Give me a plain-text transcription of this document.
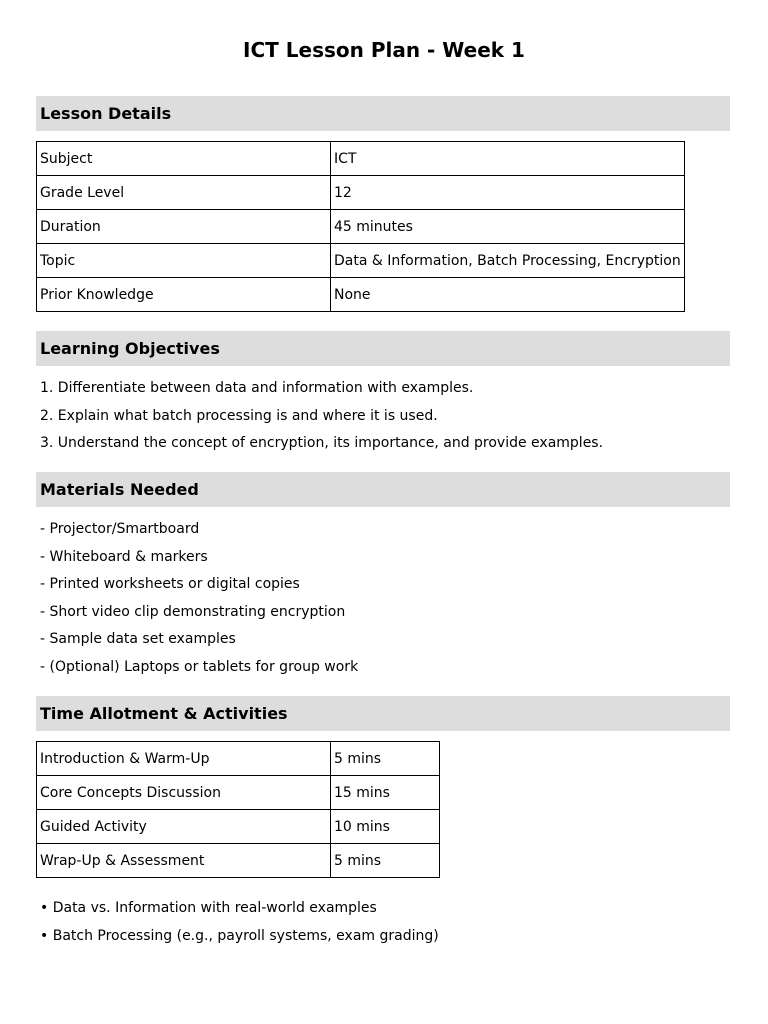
ICT Lesson Plan - Week 1
Lesson Details
Subject	ICT
Grade Level	12
Duration	45 minutes
Topic	Data & Information, Batch Processing, Encryption
Prior Knowledge	None
Learning Objectives
1. Differentiate between data and information with examples.
2. Explain what batch processing is and where it is used.
3. Understand the concept of encryption, its importance, and provide examples.
Materials Needed
- Projector/Smartboard
- Whiteboard & markers
- Printed worksheets or digital copies
- Short video clip demonstrating encryption
- Sample data set examples
- (Optional) Laptops or tablets for group work
Time Allotment & Activities
Introduction & Warm-Up	5 mins
Core Concepts Discussion	15 mins
Guided Activity	10 mins
Wrap-Up & Assessment	5 mins
• Data vs. Information with real-world examples
• Batch Processing (e.g., payroll systems, exam grading)
